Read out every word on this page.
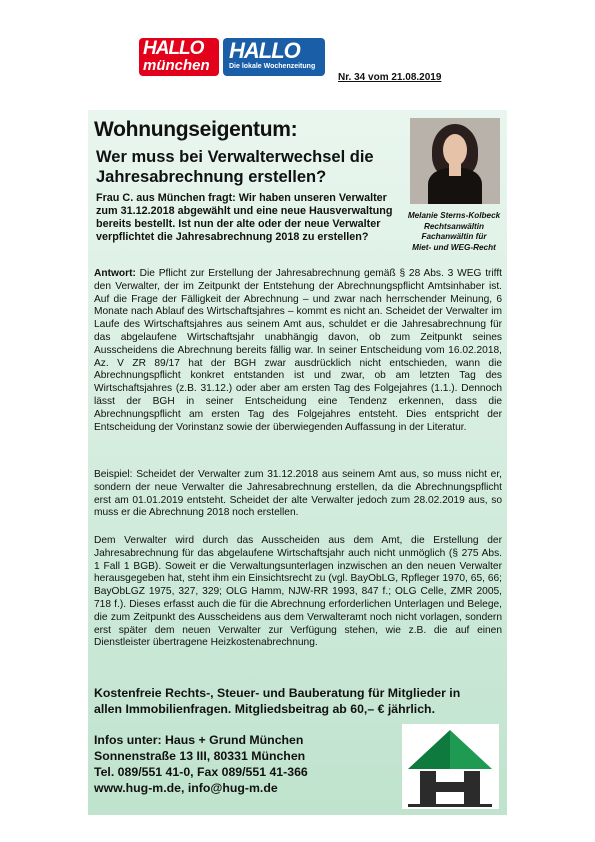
HALLO
münchen
HALLO
Die lokale Wochenzeitung
Nr. 34 vom 21.08.2019
Wohnungseigentum:
Wer muss bei Verwalterwechsel die Jahresabrechnung erstellen?
Melanie Sterns-Kolbeck
Rechtsanwältin
Fachanwältin für
Miet- und WEG-Recht
Frau C. aus München fragt: Wir haben unseren Verwalter zum 31.12.2018 abgewählt und eine neue Hausverwaltung bereits bestellt. Ist nun der alte oder der neue Verwalter verpflichtet die Jahresabrechnung 2018 zu erstellen?
Antwort: Die Pflicht zur Erstellung der Jahresabrechnung gemäß § 28 Abs. 3 WEG trifft den Verwalter, der im Zeitpunkt der Entstehung der Abrechnungspflicht Amtsinhaber ist. Auf die Frage der Fälligkeit der Abrechnung – und zwar nach herrschender Meinung, 6 Monate nach Ablauf des Wirtschaftsjahres – kommt es nicht an. Scheidet der Verwalter im Laufe des Wirtschaftsjahres aus seinem Amt aus, schuldet er die Jahresabrechnung für das abgelaufene Wirtschaftsjahr unabhängig davon, ob zum Zeitpunkt seines Ausscheidens die Abrechnung bereits fällig war. In seiner Entscheidung vom 16.02.2018, Az. V ZR 89/17 hat der BGH zwar ausdrücklich nicht entschieden, wann die Abrechnungspflicht konkret entstanden ist und zwar, ob am letzten Tag des Wirtschaftsjahres (z.B. 31.12.) oder aber am ersten Tag des Folgejahres (1.1.). Dennoch lässt der BGH in seiner Entscheidung eine Tendenz erkennen, dass die Abrechnungspflicht am ersten Tag des Folgejahres entsteht. Dies entspricht der Entscheidung der Vorinstanz sowie der überwiegenden Auffassung in der Literatur.
Beispiel: Scheidet der Verwalter zum 31.12.2018 aus seinem Amt aus, so muss nicht er, sondern der neue Verwalter die Jahresabrechnung erstellen, da die Abrechnungspflicht erst am 01.01.2019 entsteht. Scheidet der alte Verwalter jedoch zum 28.02.2019 aus, so muss er die Abrechnung 2018 noch erstellen.
Dem Verwalter wird durch das Ausscheiden aus dem Amt, die Erstellung der Jahresabrechnung für das abgelaufene Wirtschaftsjahr auch nicht unmöglich (§ 275 Abs. 1 Fall 1 BGB). Soweit er die Verwaltungsunterlagen inzwischen an den neuen Verwalter herausgegeben hat, steht ihm ein Einsichtsrecht zu (vgl. BayObLG, Rpfleger 1970, 65, 66; BayObLGZ 1975, 327, 329; OLG Hamm, NJW-RR 1993, 847 f.; OLG Celle, ZMR 2005, 718 f.). Dieses erfasst auch die für die Abrechnung erforderlichen Unterlagen und Belege, die zum Zeitpunkt des Ausscheidens aus dem Verwalteramt noch nicht vorlagen, sondern erst später dem neuen Verwalter zur Verfügung stehen, wie z.B. die auf einen Dienstleister übertragene Heizkostenabrechnung.
Kostenfreie Rechts-, Steuer- und Bauberatung für Mitglieder in allen Immobilienfragen. Mitgliedsbeitrag ab 60,– € jährlich.
Infos unter: Haus + Grund München
Sonnenstraße 13 III, 80331 München
Tel. 089/551 41-0, Fax 089/551 41-366
www.hug-m.de, info@hug-m.de
